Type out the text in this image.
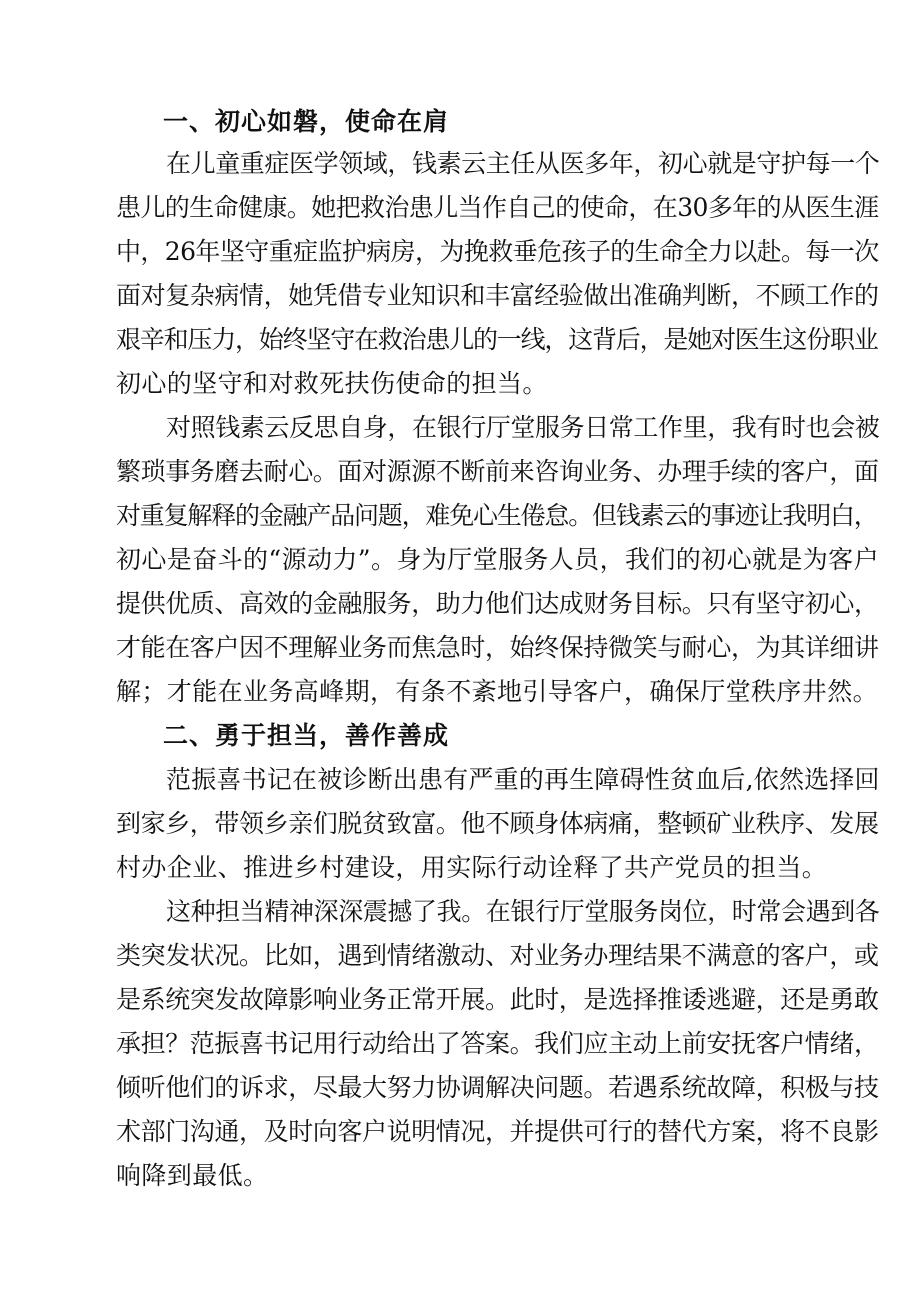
一、初心如磐，使命在肩
在儿童重症医学领域，钱素云主任从医多年，初心就是守护每一个
患儿的生命健康。她把救治患儿当作自己的使命，在30多年的从医生涯
中，26年坚守重症监护病房，为挽救垂危孩子的生命全力以赴。每一次
面对复杂病情，她凭借专业知识和丰富经验做出准确判断，不顾工作的
艰辛和压力，始终坚守在救治患儿的一线，这背后，是她对医生这份职业
初心的坚守和对救死扶伤使命的担当。
对照钱素云反思自身，在银行厅堂服务日常工作里，我有时也会被
繁琐事务磨去耐心。面对源源不断前来咨询业务、办理手续的客户，面
对重复解释的金融产品问题，难免心生倦怠。但钱素云的事迹让我明白，
初心是奋斗的“源动力”。身为厅堂服务人员，我们的初心就是为客户
提供优质、高效的金融服务，助力他们达成财务目标。只有坚守初心，
才能在客户因不理解业务而焦急时，始终保持微笑与耐心，为其详细讲
解；才能在业务高峰期，有条不紊地引导客户，确保厅堂秩序井然。
二、勇于担当，善作善成
范振喜书记在被诊断出患有严重的再生障碍性贫血后,依然选择回
到家乡，带领乡亲们脱贫致富。他不顾身体病痛，整顿矿业秩序、发展
村办企业、推进乡村建设，用实际行动诠释了共产党员的担当。
这种担当精神深深震撼了我。在银行厅堂服务岗位，时常会遇到各
类突发状况。比如，遇到情绪激动、对业务办理结果不满意的客户，或
是系统突发故障影响业务正常开展。此时，是选择推诿逃避，还是勇敢
承担？范振喜书记用行动给出了答案。我们应主动上前安抚客户情绪，
倾听他们的诉求，尽最大努力协调解决问题。若遇系统故障，积极与技
术部门沟通，及时向客户说明情况，并提供可行的替代方案，将不良影
响降到最低。
